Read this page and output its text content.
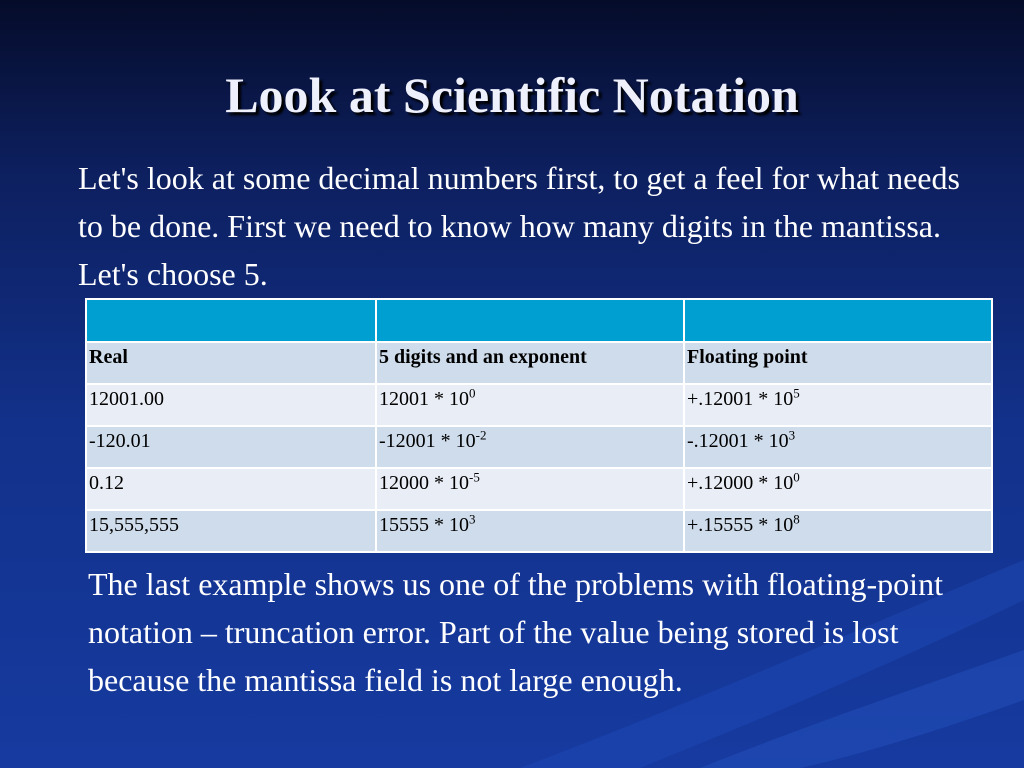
Look at Scientific Notation

Let's look at some decimal numbers first, to get a feel for what needs to be done. First we need to know how many digits in the mantissa. Let's choose 5.

Real	5 digits and an exponent	Floating point
12001.00	$12001 * 10^0$	$+.12001 * 10^5$
-120.01	$-12001 * 10^{-2}$	$-.12001 * 10^3$
0.12	$12000 * 10^{-5}$	$+.12000 * 10^0$
15,555,555	$15555 * 10^3$	$+.15555 * 10^8$

The last example shows us one of the problems with floating-point notation – truncation error. Part of the value being stored is lost because the mantissa field is not large enough.
